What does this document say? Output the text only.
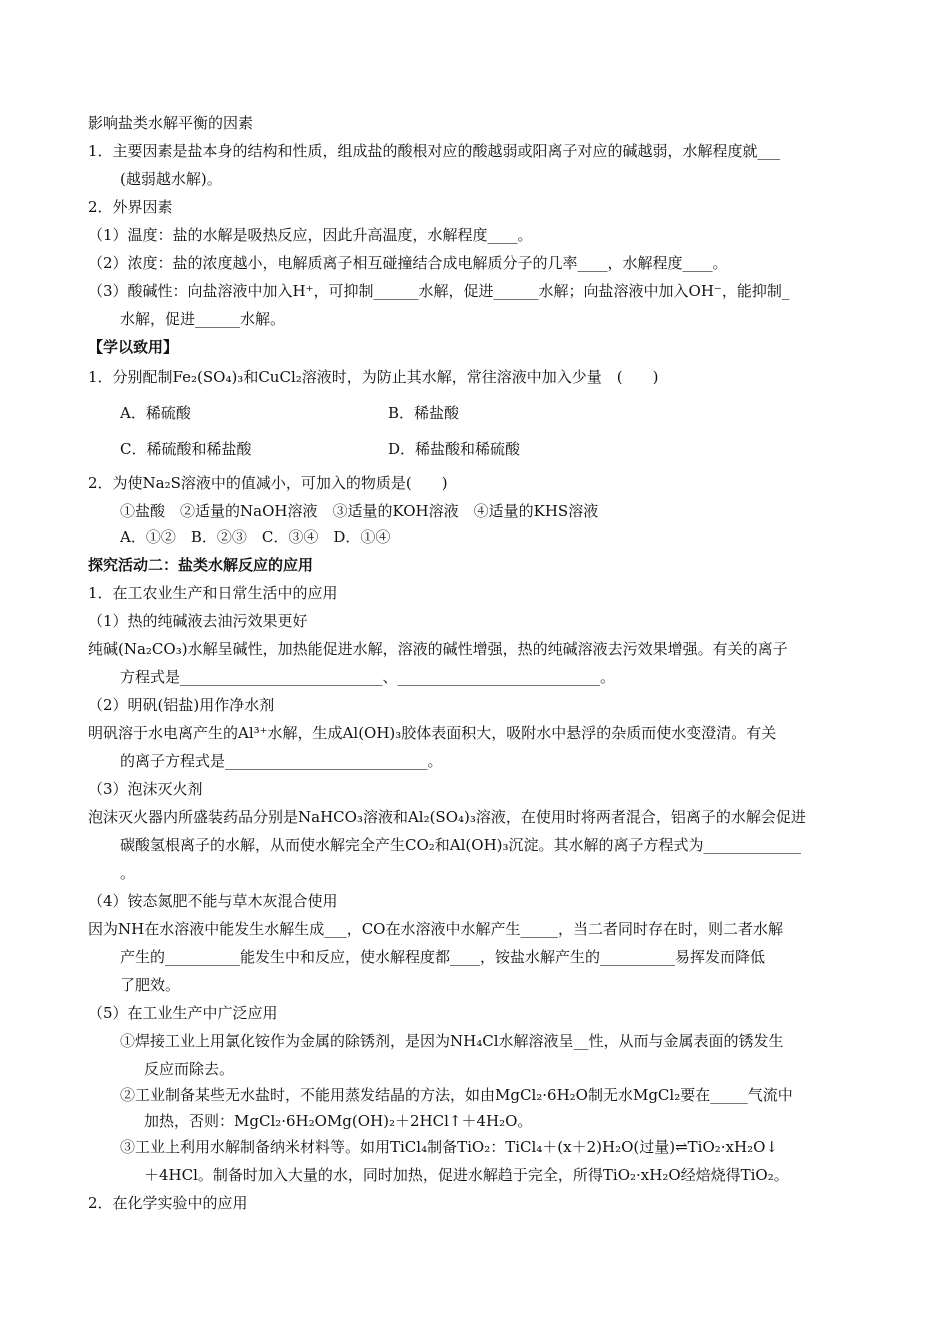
影响盐类水解平衡的因素
1．主要因素是盐本身的结构和性质，组成盐的酸根对应的酸越弱或阳离子对应的碱越弱，水解程度就___
(越弱越水解)。
2．外界因素
（1）温度：盐的水解是吸热反应，因此升高温度，水解程度____。
（2）浓度：盐的浓度越小，电解质离子相互碰撞结合成电解质分子的几率____，水解程度____。
（3）酸碱性：向盐溶液中加入H⁺，可抑制______水解，促进______水解；向盐溶液中加入OH⁻，能抑制_
水解，促进______水解。
【学以致用】
1．分别配制Fe₂(SO₄)₃和CuCl₂溶液时，为防止其水解，常往溶液中加入少量　(　　)
A．稀硫酸	B．稀盐酸
C．稀硫酸和稀盐酸	D．稀盐酸和稀硫酸
2．为使Na₂S溶液中的值减小，可加入的物质是(　　)
①盐酸　②适量的NaOH溶液　③适量的KOH溶液　④适量的KHS溶液
A．①②　B．②③　C．③④　D．①④
探究活动二：盐类水解反应的应用
1．在工农业生产和日常生活中的应用
（1）热的纯碱液去油污效果更好
纯碱(Na₂CO₃)水解呈碱性，加热能促进水解，溶液的碱性增强，热的纯碱溶液去污效果增强。有关的离子
方程式是___________________________、___________________________。
（2）明矾(铝盐)用作净水剂
明矾溶于水电离产生的Al³⁺水解，生成Al(OH)₃胶体表面积大，吸附水中悬浮的杂质而使水变澄清。有关
的离子方程式是___________________________。
（3）泡沫灭火剂
泡沫灭火器内所盛装药品分别是NaHCO₃溶液和Al₂(SO₄)₃溶液，在使用时将两者混合，铝离子的水解会促进
碳酸氢根离子的水解，从而使水解完全产生CO₂和Al(OH)₃沉淀。其水解的离子方程式为_____________
。
（4）铵态氮肥不能与草木灰混合使用
因为NH在水溶液中能发生水解生成___，CO在水溶液中水解产生_____，当二者同时存在时，则二者水解
产生的__________能发生中和反应，使水解程度都____，铵盐水解产生的__________易挥发而降低
了肥效。
（5）在工业生产中广泛应用
①焊接工业上用氯化铵作为金属的除锈剂，是因为NH₄Cl水解溶液呈__性，从而与金属表面的锈发生
反应而除去。
②工业制备某些无水盐时，不能用蒸发结晶的方法，如由MgCl₂·6H₂O制无水MgCl₂要在_____气流中
加热，否则：MgCl₂·6H₂OMg(OH)₂＋2HCl↑＋4H₂O。
③工业上利用水解制备纳米材料等。如用TiCl₄制备TiO₂：TiCl₄＋(x＋2)H₂O(过量)⇌TiO₂·xH₂O↓
＋4HCl。制备时加入大量的水，同时加热，促进水解趋于完全，所得TiO₂·xH₂O经焙烧得TiO₂。
2．在化学实验中的应用
